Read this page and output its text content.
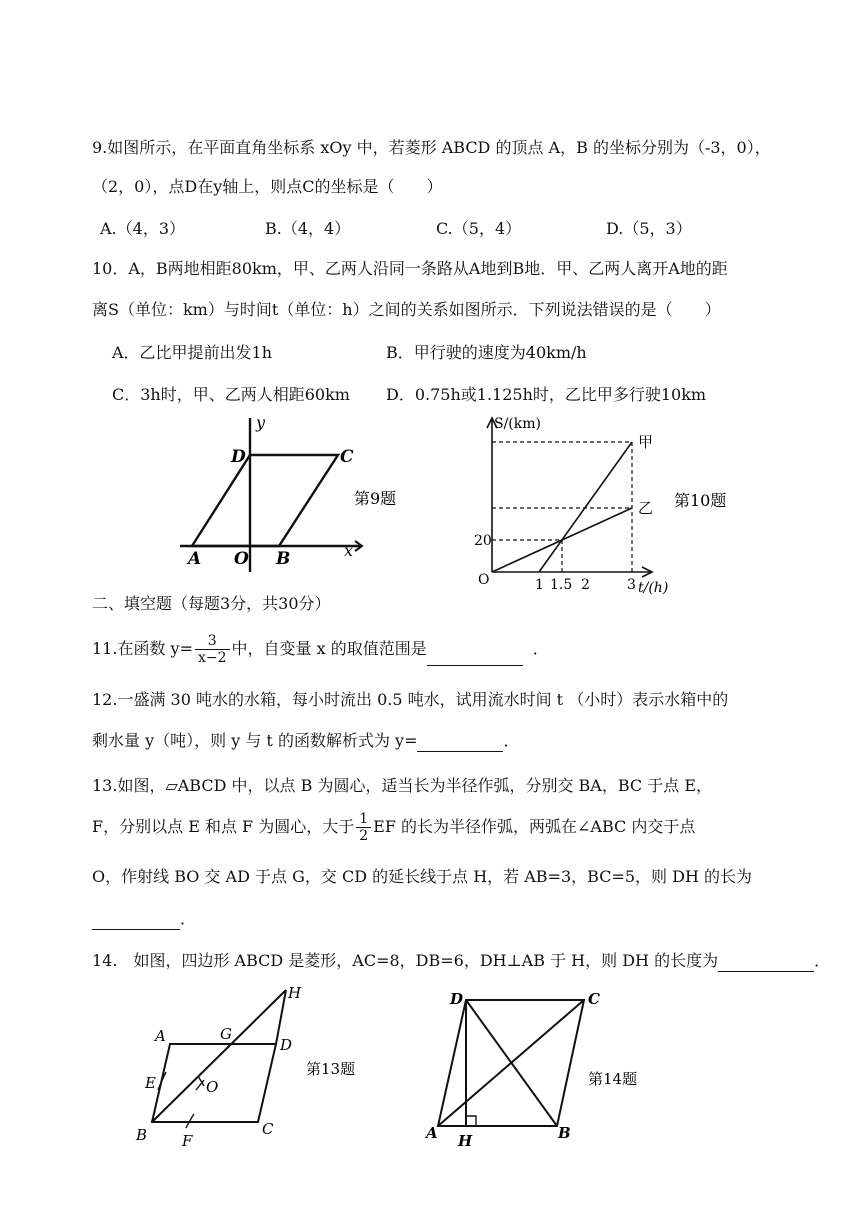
9.如图所示，在平面直角坐标系 xOy 中，若菱形 ABCD 的顶点 A，B 的坐标分别为（-3，0），
（2，0），点D在y轴上，则点C的坐标是（　　）
A.（4，3）	B.（4，4）	C.（5，4）	D.（5，3）
10．A，B两地相距80km，甲、乙两人沿同一条路从A地到B地．甲、乙两人离开A地的距
离S（单位：km）与时间t（单位：h）之间的关系如图所示．下列说法错误的是（　　）
A．乙比甲提前出发1h	B．甲行驶的速度为40km/h
C．3h时，甲、乙两人相距60km D．0.75h或1.125h时，乙比甲多行驶10km
y
x
D	C
A O B
第9题
S/(km)
t/(h)
甲
乙
20
O	1 1.5 2	3
第10题
二、填空题（每题3分，共30分）
11.在函数 $y= \frac{3}{x-2}$ 中，自变量 x 的取值范围是	．
12.一盛满 30 吨水的水箱，每小时流出 0.5 吨水，试用流水时间 t （小时）表示水箱中的
剩水量 y（吨），则 y 与 t 的函数解析式为 y=	．
13.如图，▱ABCD 中，以点 B 为圆心，适当长为半径作弧，分别交 BA，BC 于点 E，
F，分别以点 E 和点 F 为圆心，大于 $\frac{1}{2}$ EF 的长为半径作弧，两弧在∠ABC 内交于点
O，作射线 BO 交 AD 于点 G，交 CD 的延长线于点 H，若 AB=3，BC=5，则 DH 的长为
．
14.　如图，四边形 ABCD 是菱形，AC=8，DB=6，DH⊥AB 于 H，则 DH 的长度为	．
H
A	G
D
E	O
B F
C
第13题
D	C
A H	B
第14题
